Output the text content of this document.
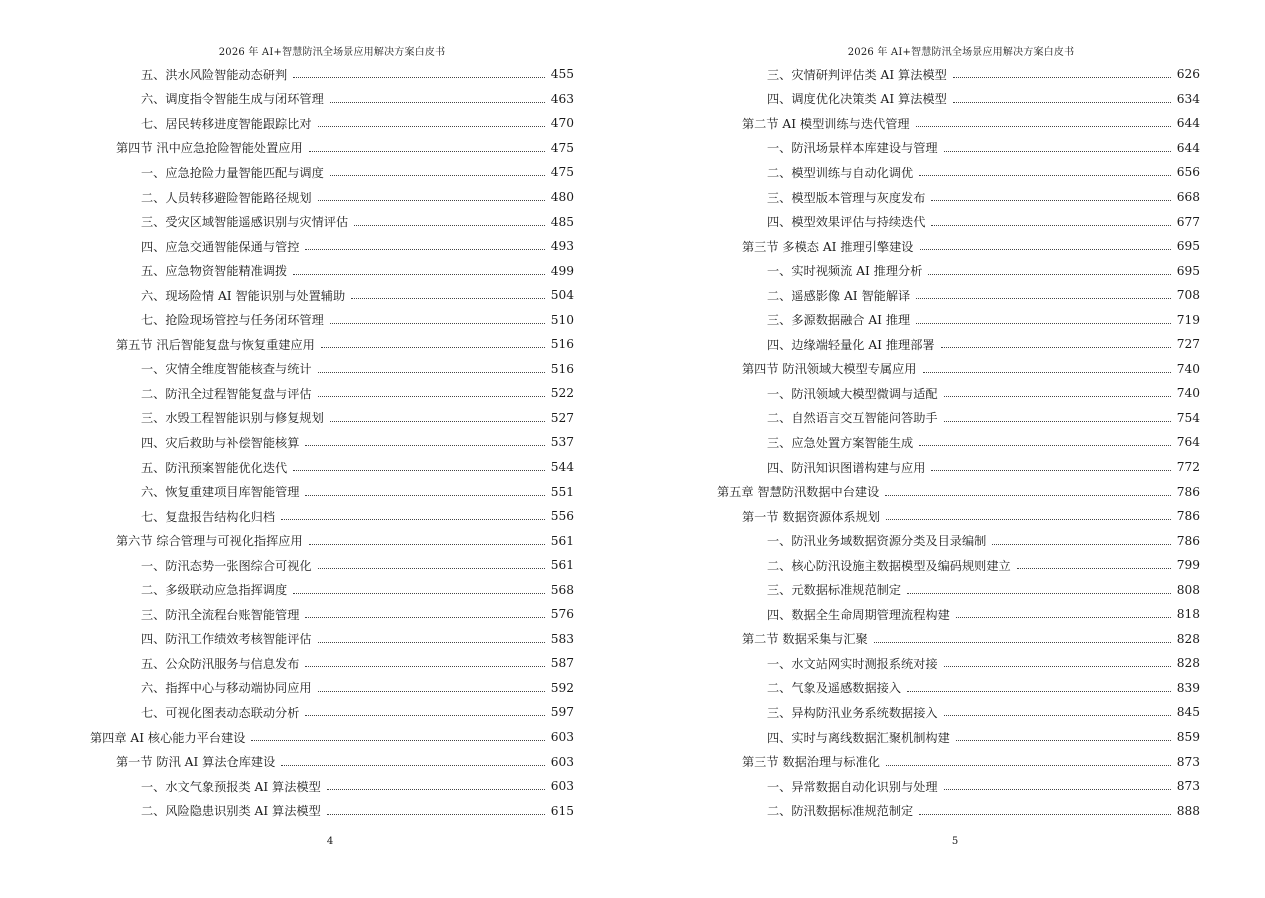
2026 年 AI+智慧防汛全场景应用解决方案白皮书
五、洪水风险智能动态研判	455
六、调度指令智能生成与闭环管理	463
七、居民转移进度智能跟踪比对	470
第四节 汛中应急抢险智能处置应用	475
一、应急抢险力量智能匹配与调度	475
二、人员转移避险智能路径规划	480
三、受灾区域智能遥感识别与灾情评估	485
四、应急交通智能保通与管控	493
五、应急物资智能精准调拨	499
六、现场险情 AI 智能识别与处置辅助	504
七、抢险现场管控与任务闭环管理	510
第五节 汛后智能复盘与恢复重建应用	516
一、灾情全维度智能核查与统计	516
二、防汛全过程智能复盘与评估	522
三、水毁工程智能识别与修复规划	527
四、灾后救助与补偿智能核算	537
五、防汛预案智能优化迭代	544
六、恢复重建项目库智能管理	551
七、复盘报告结构化归档	556
第六节 综合管理与可视化指挥应用	561
一、防汛态势一张图综合可视化	561
二、多级联动应急指挥调度	568
三、防汛全流程台账智能管理	576
四、防汛工作绩效考核智能评估	583
五、公众防汛服务与信息发布	587
六、指挥中心与移动端协同应用	592
七、可视化图表动态联动分析	597
第四章 AI 核心能力平台建设	603
第一节 防汛 AI 算法仓库建设	603
一、水文气象预报类 AI 算法模型	603
二、风险隐患识别类 AI 算法模型	615
4
2026 年 AI+智慧防汛全场景应用解决方案白皮书
三、灾情研判评估类 AI 算法模型	626
四、调度优化决策类 AI 算法模型	634
第二节 AI 模型训练与迭代管理	644
一、防汛场景样本库建设与管理	644
二、模型训练与自动化调优	656
三、模型版本管理与灰度发布	668
四、模型效果评估与持续迭代	677
第三节 多模态 AI 推理引擎建设	695
一、实时视频流 AI 推理分析	695
二、遥感影像 AI 智能解译	708
三、多源数据融合 AI 推理	719
四、边缘端轻量化 AI 推理部署	727
第四节 防汛领域大模型专属应用	740
一、防汛领域大模型微调与适配	740
二、自然语言交互智能问答助手	754
三、应急处置方案智能生成	764
四、防汛知识图谱构建与应用	772
第五章 智慧防汛数据中台建设	786
第一节 数据资源体系规划	786
一、防汛业务域数据资源分类及目录编制	786
二、核心防汛设施主数据模型及编码规则建立	799
三、元数据标准规范制定	808
四、数据全生命周期管理流程构建	818
第二节 数据采集与汇聚	828
一、水文站网实时测报系统对接	828
二、气象及遥感数据接入	839
三、异构防汛业务系统数据接入	845
四、实时与离线数据汇聚机制构建	859
第三节 数据治理与标准化	873
一、异常数据自动化识别与处理	873
二、防汛数据标准规范制定	888
5
